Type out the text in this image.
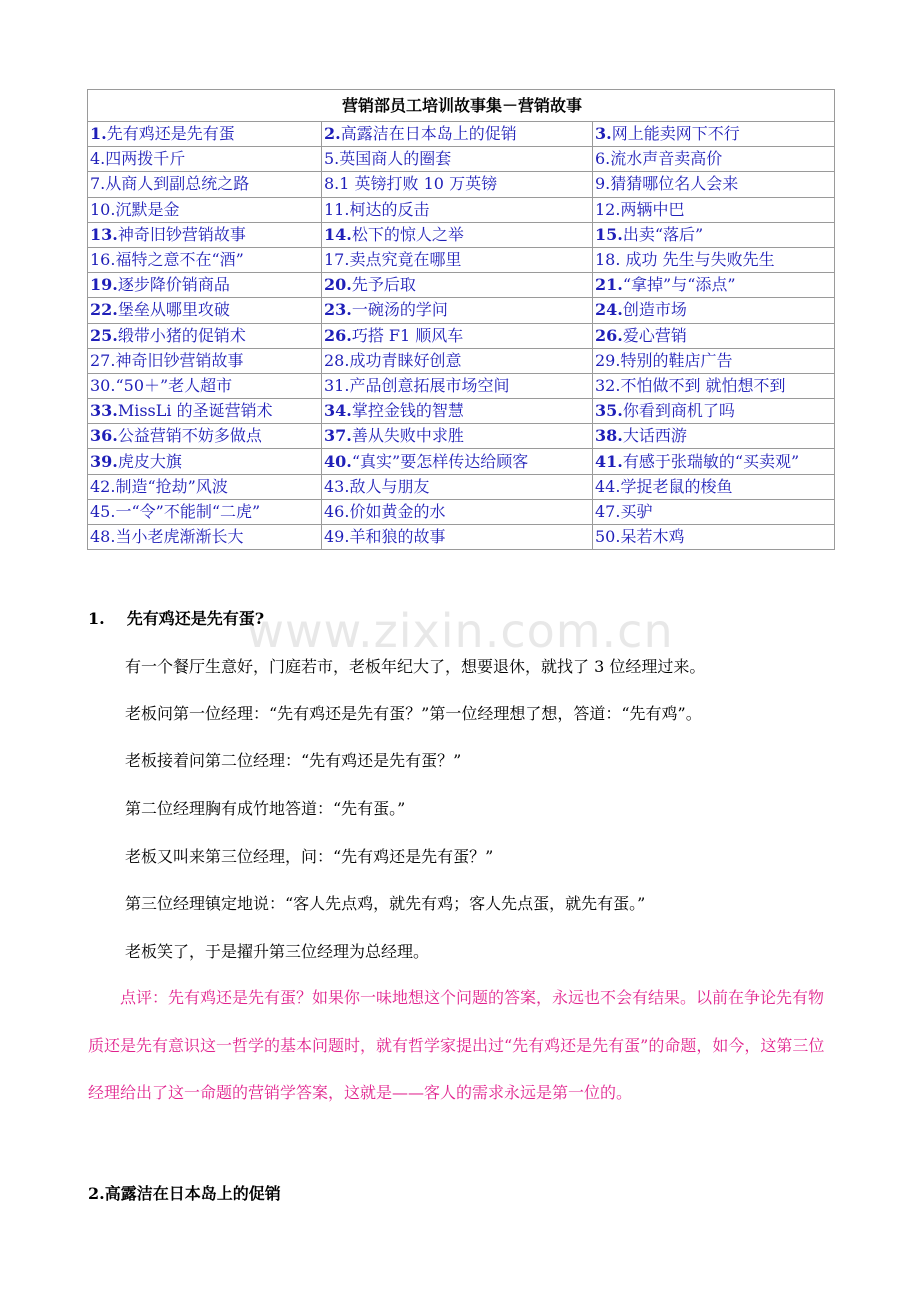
营销部员工培训故事集－营销故事		
1.先有鸡还是先有蛋	2.高露洁在日本岛上的促销	3.网上能卖网下不行
4.四两拨千斤	5.英国商人的圈套	6.流水声音卖高价
7.从商人到副总统之路	8.1 英镑打败 10 万英镑	9.猜猜哪位名人会来
10.沉默是金	11.柯达的反击	12.两辆中巴
13.神奇旧钞营销故事	14.松下的惊人之举	15.出卖“落后”
16.福特之意不在“酒”	17.卖点究竟在哪里	18. 成功 先生与失败先生
19.逐步降价销商品	20.先予后取	21.“拿掉”与“添点”
22.堡垒从哪里攻破	23.一碗汤的学问	24.创造市场
25.缎带小猪的促销术	26.巧搭 F1 顺风车	26.爱心营销
27.神奇旧钞营销故事	28.成功青睐好创意	29.特别的鞋店广告
30.“50＋”老人超市	31.产品创意拓展市场空间	32.不怕做不到 就怕想不到
33.MissLi 的圣诞营销术	34.掌控金钱的智慧	35.你看到商机了吗
36.公益营销不妨多做点	37.善从失败中求胜	38.大话西游
39.虎皮大旗	40.“真实”要怎样传达给顾客	41.有感于张瑞敏的“买卖观”
42.制造“抢劫”风波	43.敌人与朋友	44.学捉老鼠的梭鱼
45.一“令”不能制“二虎”	46.价如黄金的水	47.买驴
48.当小老虎渐渐长大	49.羊和狼的故事	50.呆若木鸡
www.zixin.com.cn
1. 先有鸡还是先有蛋?
有一个餐厅生意好，门庭若市，老板年纪大了，想要退休，就找了 3 位经理过来。
老板问第一位经理：“先有鸡还是先有蛋？”第一位经理想了想，答道：“先有鸡”。
老板接着问第二位经理：“先有鸡还是先有蛋？”
第二位经理胸有成竹地答道：“先有蛋。”
老板又叫来第三位经理，问：“先有鸡还是先有蛋？”
第三位经理镇定地说：“客人先点鸡，就先有鸡；客人先点蛋，就先有蛋。”
老板笑了，于是擢升第三位经理为总经理。
点评：先有鸡还是先有蛋？如果你一味地想这个问题的答案，永远也不会有结果。以前在争论先有物质还是先有意识这一哲学的基本问题时，就有哲学家提出过“先有鸡还是先有蛋”的命题，如今，这第三位经理给出了这一命题的营销学答案，这就是——客人的需求永远是第一位的。
2.高露洁在日本岛上的促销
